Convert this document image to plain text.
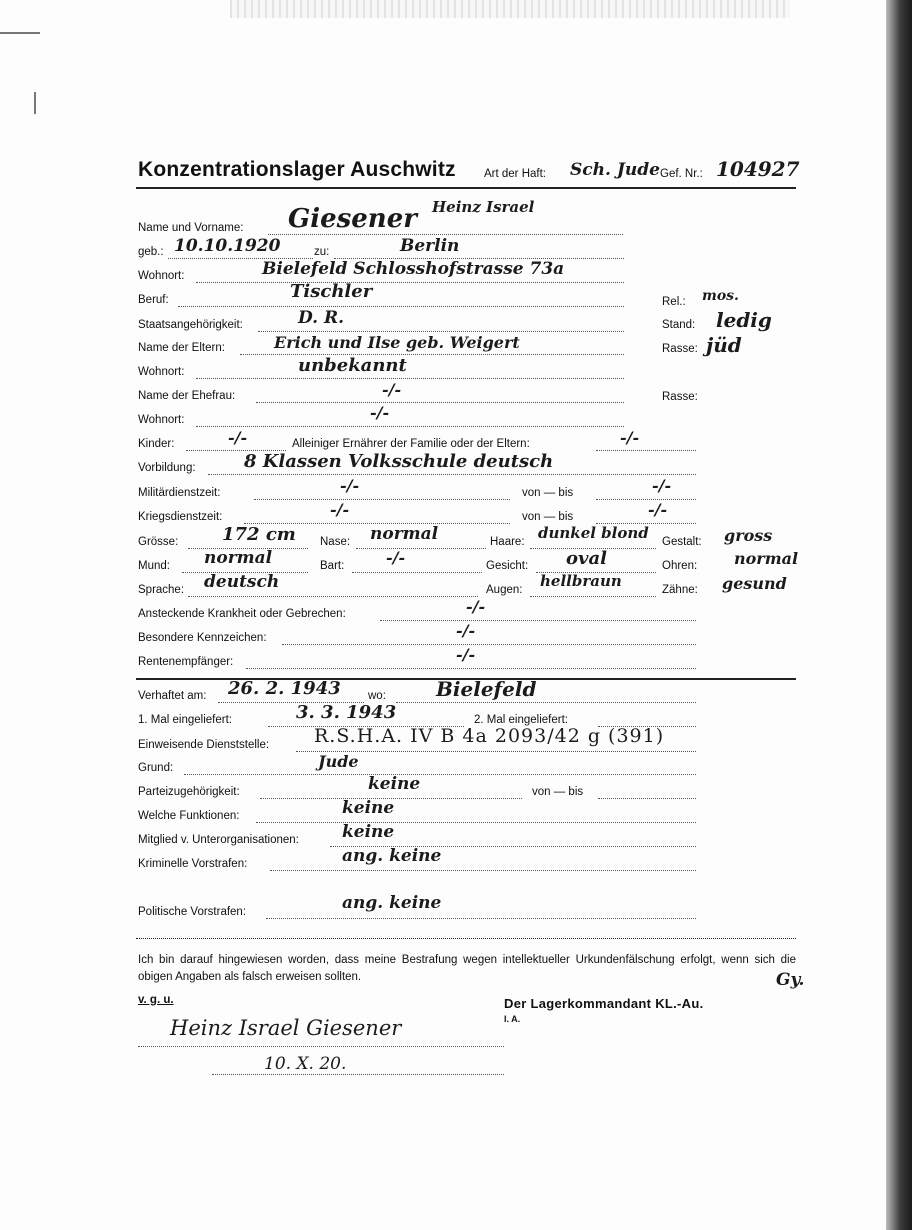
Konzentrationslager Auschwitz Art der Haft: Sch. Jude Gef. Nr.: 104927
Name und Vorname: Giesener Heinz Israel
geb.: 10.10.1920	zu:	Berlin
Wohnort:	Bielefeld Schlosshofstrasse 73a
Beruf:	Tischler	Rel.: mos.
Staatsangehörigkeit:	D. R.	Stand: ledig
Name der Eltern:	Erich und Ilse geb. Weigert	Rasse: jüd
Wohnort:	unbekannt
Name der Ehefrau:	-/-	Rasse:
Wohnort:	-/-
Kinder:	-/-	Alleiniger Ernährer der Familie oder der Eltern:	-/-
Vorbildung:	8 Klassen Volksschule deutsch
Militärdienstzeit:	-/-	von — bis	-/-
Kriegsdienstzeit:	-/-	von — bis	-/-
Grösse: 172 cm Nase: normal	Haare: dunkel blond Gestalt: gross
Mund: normal	Bart:	-/-	Gesicht: oval	Ohren: normal
Sprache: deutsch	Augen: hellbraun	Zähne: gesund
Ansteckende Krankheit oder Gebrechen:	-/-
Besondere Kennzeichen:	-/-
Rentenempfänger:	-/-
Verhaftet am: 26. 2. 1943 wo:	Bielefeld
1. Mal eingeliefert:	3. 3. 1943	2. Mal eingeliefert:
Einweisende Dienststelle: R.S.H.A. IV B 4a 2093/42 g (391)
Grund:	Jude
Parteizugehörigkeit:	keine	von — bis
Welche Funktionen:	keine
Mitglied v. Unterorganisationen:	keine
Kriminelle Vorstrafen:	ang. keine
Politische Vorstrafen:	ang. keine
Ich bin darauf hingewiesen worden, dass meine Bestrafung wegen intellektueller Urkundenfälschung erfolgt, wenn sich die obigen Angaben als falsch erweisen sollten.	Gy.
v. g. u.	Der Lagerkommandant KL.-Au.
I. A.
Heinz Israel Giesener
10. X. 20.
